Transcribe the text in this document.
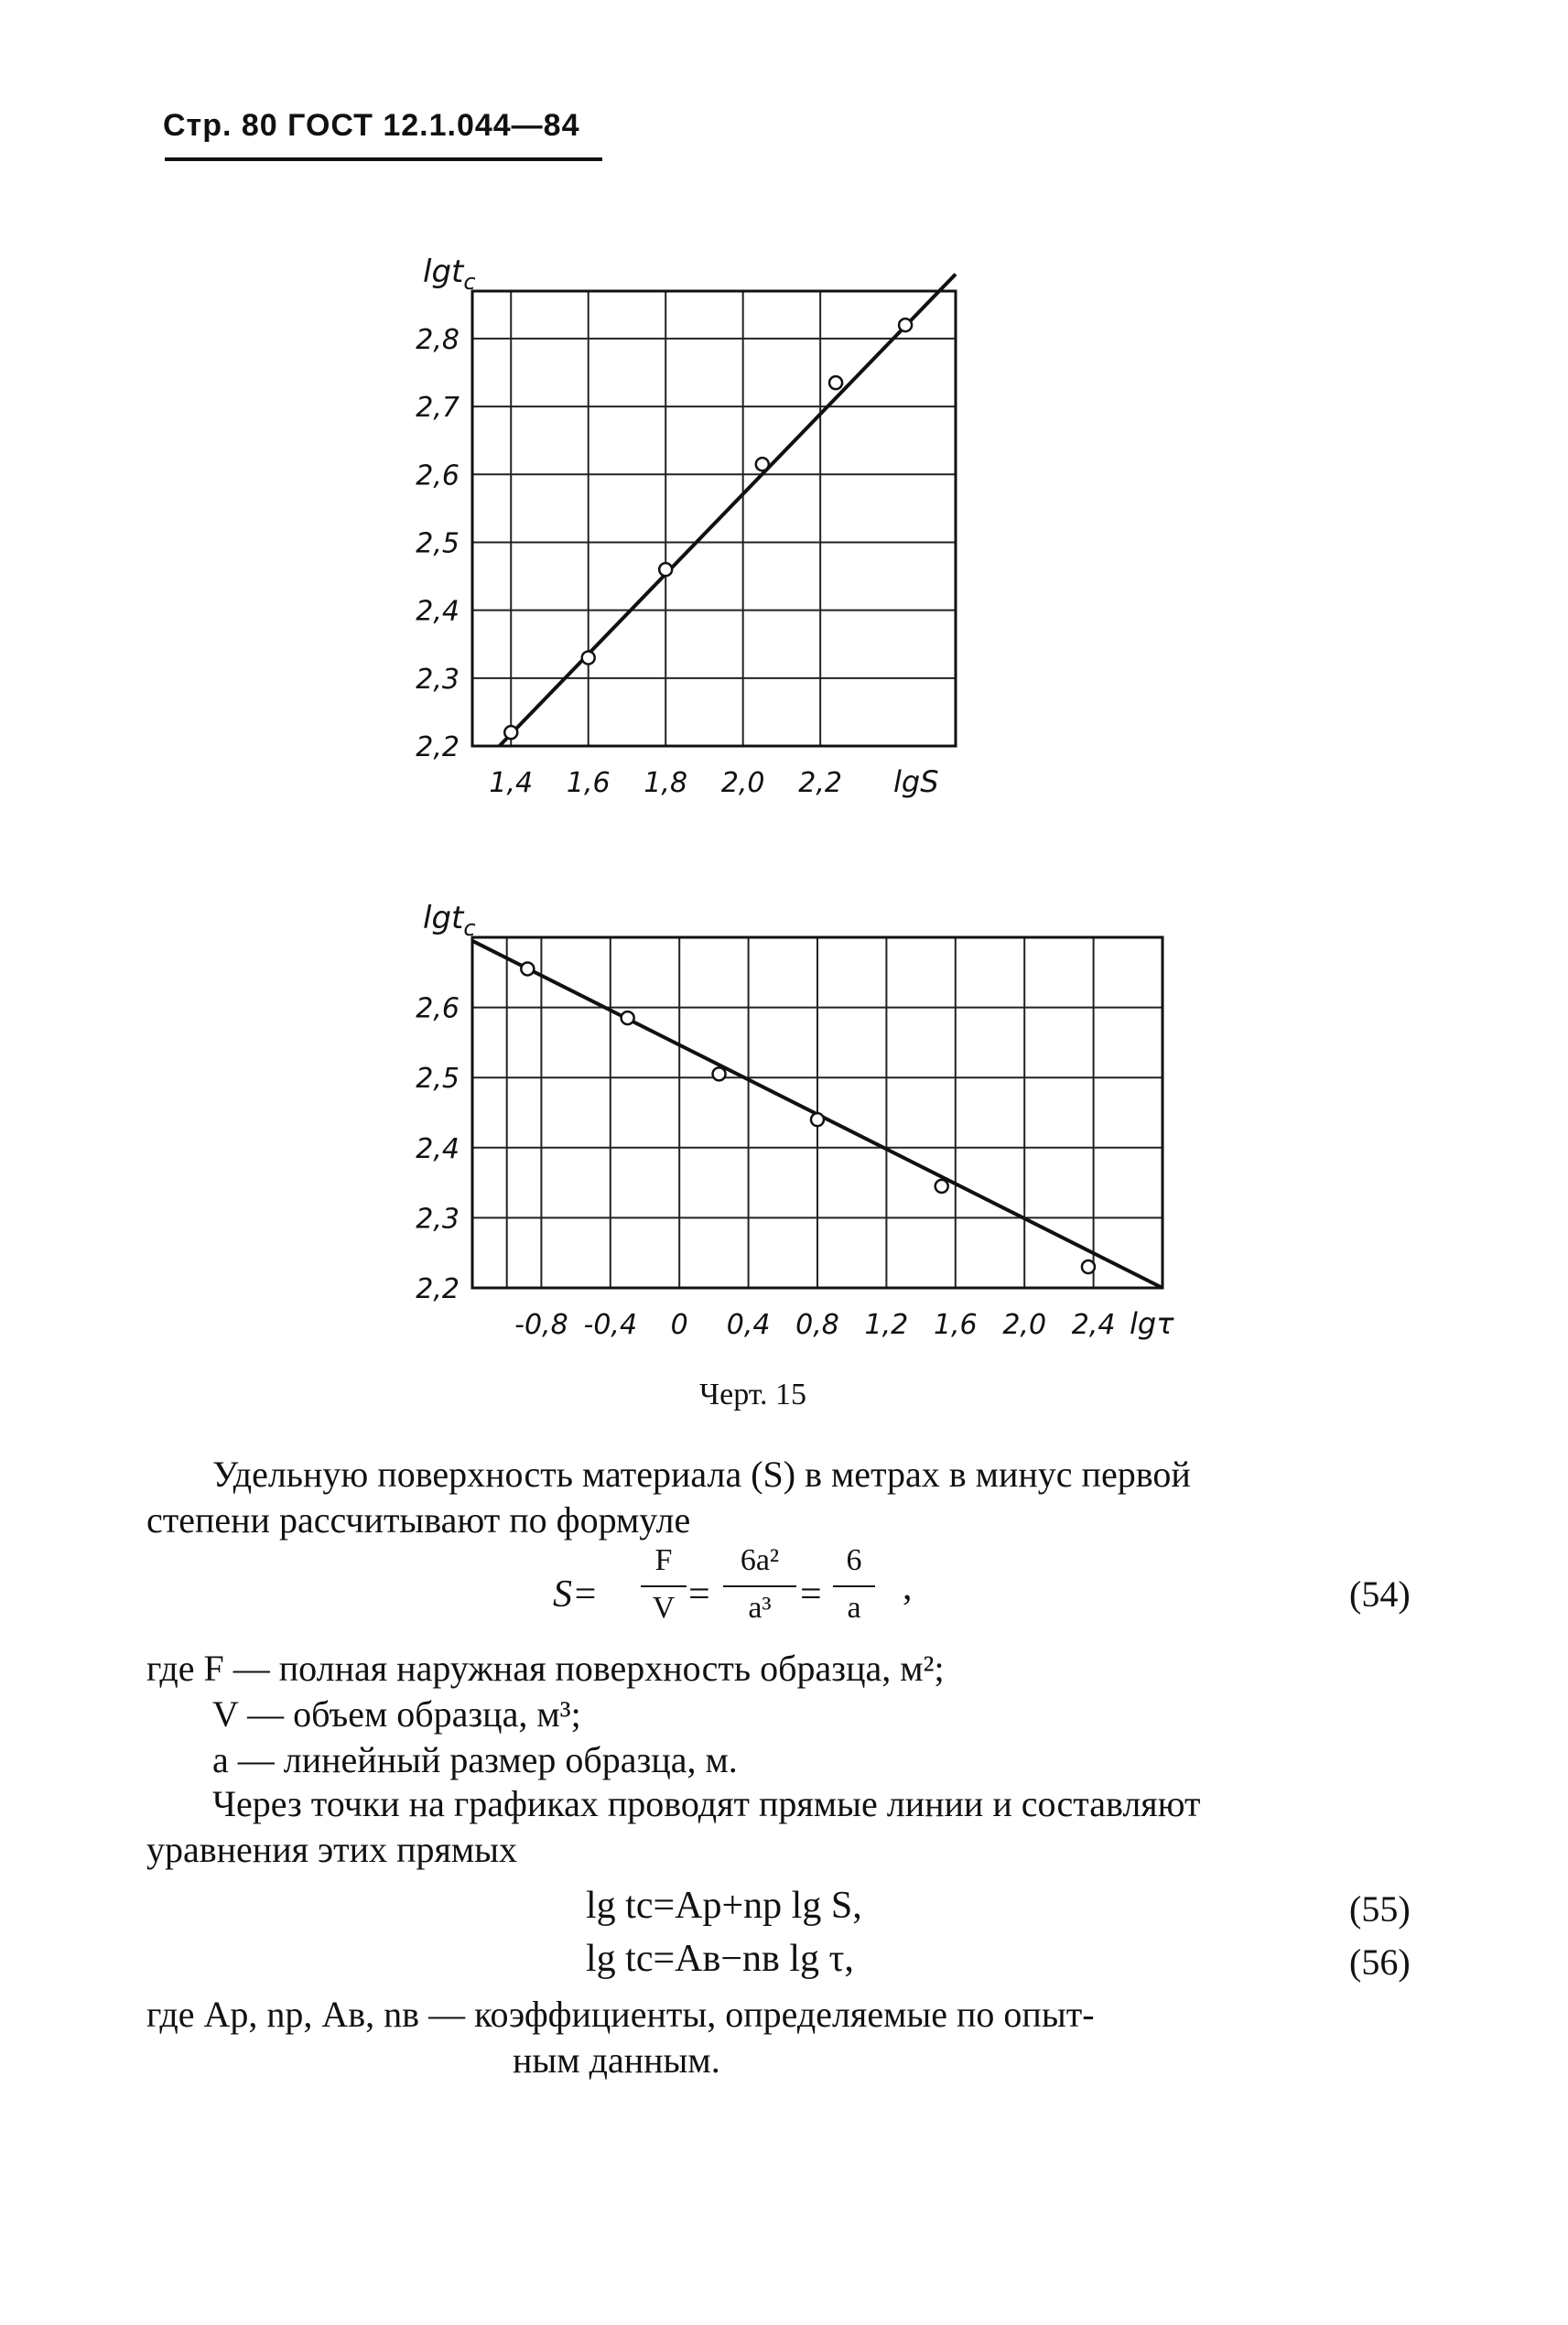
Стр. 80 ГОСТ 12.1.044—84
2,8
2,7
2,6
2,5
2,4
2,3
2,2
1,4 1,6 1,8 2,0 2,2 lgS
lgt$_c$
2,6
2,5
2,4
2,3
2,2
-0,8 -0,4 0 0,4 0,8 1,2 1,6 2,0 2,4 lgτ
lgt$_c$
Черт. 15
Удельную поверхность материала (S) в метрах в минус первой
степени рассчитывают по формуле
S=
F
V =
6a²
a³ =
6
a	,	(54)
где F — полная наружная поверхность образца, м²;
V — объем образца, м³;
a — линейный размер образца, м.
Через точки на графиках проводят прямые линии и составляют
уравнения этих прямых
lg tс=Aр+nр lg S,	(55)
lg tс=Aв−nв lg τ,	(56)
где Aр, nр, Aв, nв — коэффициенты, определяемые по опыт-
ным данным.
